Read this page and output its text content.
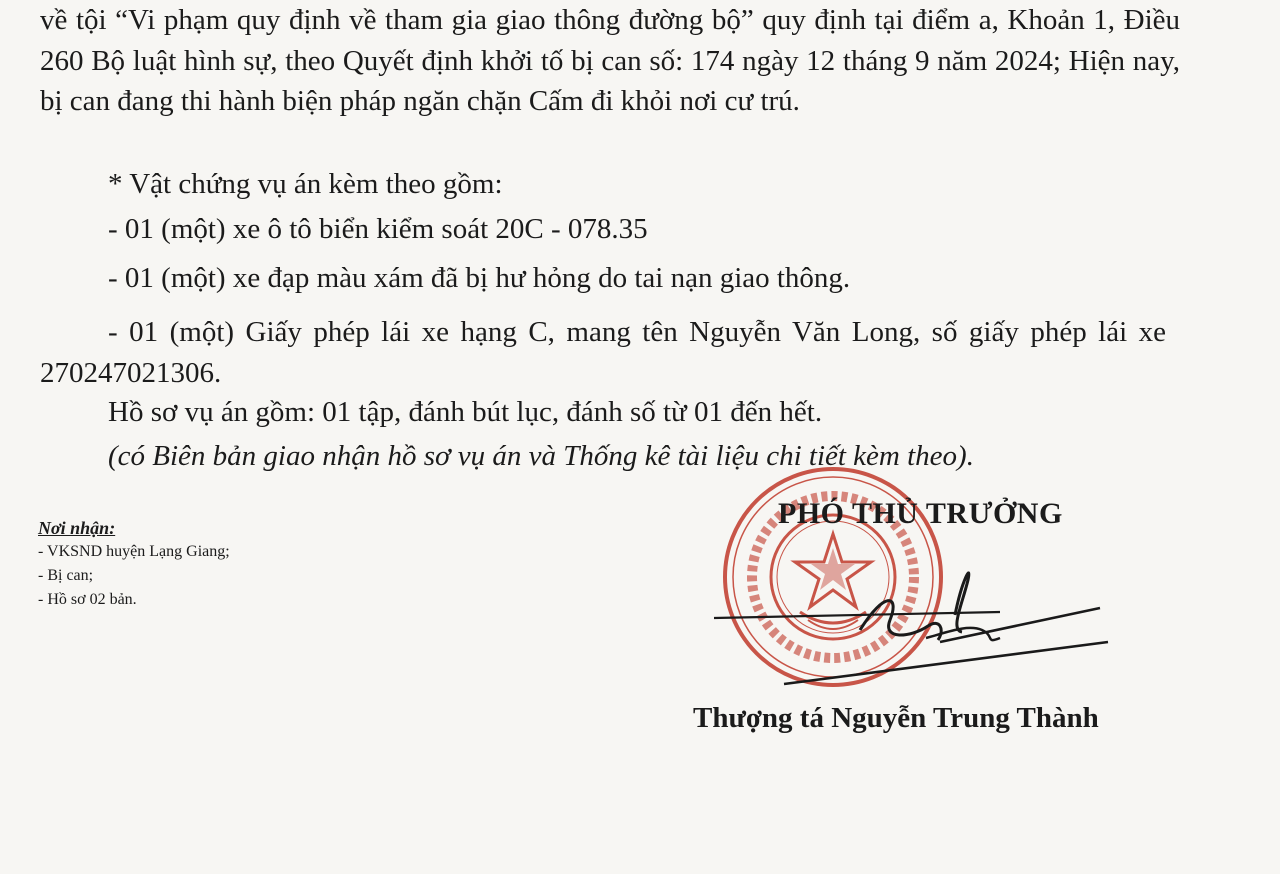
về tội “Vi phạm quy định về tham gia giao thông đường bộ” quy định tại điểm a, Khoản 1, Điều 260 Bộ luật hình sự, theo Quyết định khởi tố bị can số: 174 ngày 12 tháng 9 năm 2024; Hiện nay, bị can đang thi hành biện pháp ngăn chặn Cấm đi khỏi nơi cư trú.
* Vật chứng vụ án kèm theo gồm:
- 01 (một) xe ô tô biển kiểm soát 20C - 078.35
- 01 (một) xe đạp màu xám đã bị hư hỏng do tai nạn giao thông.
- 01 (một) Giấy phép lái xe hạng C, mang tên Nguyễn Văn Long, số giấy phép lái xe 270247021306.
Hồ sơ vụ án gồm: 01 tập, đánh bút lục, đánh số từ 01 đến hết.
(có Biên bản giao nhận hồ sơ vụ án và Thống kê tài liệu chi tiết kèm theo).
Nơi nhận:
- VKSND huyện Lạng Giang;
- Bị can;
- Hồ sơ 02 bản.
PHÓ THỦ TRƯỞNG
Thượng tá Nguyễn Trung Thành
